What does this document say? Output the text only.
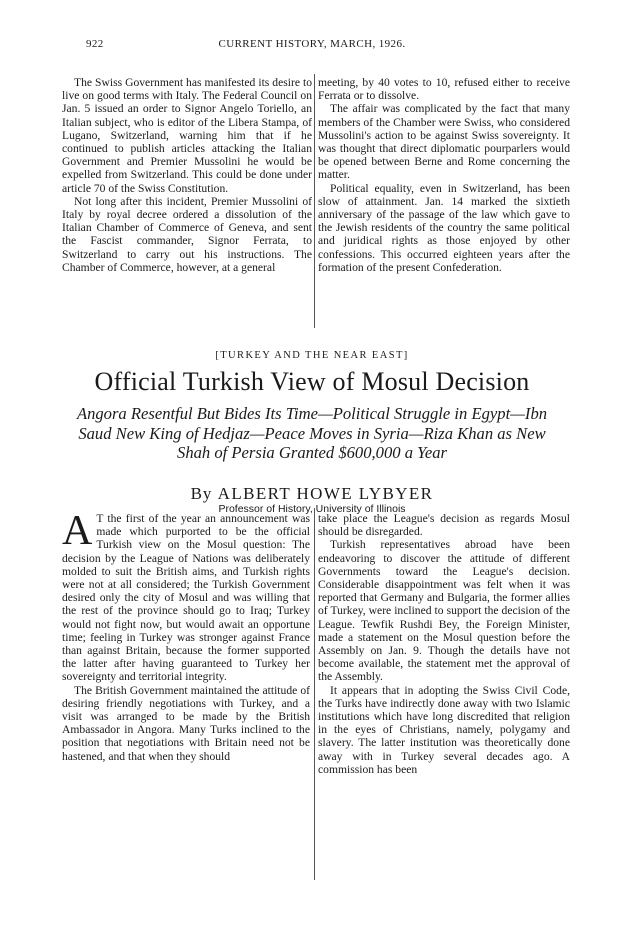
922	CURRENT HISTORY, MARCH, 1926.

The Swiss Government has manifested its desire to live on good terms with Italy. The Federal Council on Jan. 5 issued an order to Signor Angelo Toriello, an Italian subject, who is editor of the Libera Stampa, of Lugano, Switzerland, warning him that if he continued to publish articles attacking the Italian Government and Premier Mussolini he would be expelled from Switzerland. This could be done under article 70 of the Swiss Constitution.

Not long after this incident, Premier Mussolini of Italy by royal decree ordered a dissolution of the Italian Chamber of Commerce of Geneva, and sent the Fascist commander, Signor Ferrata, to Switzerland to carry out his instructions. The Chamber of Commerce, however, at a general

meeting, by 40 votes to 10, refused either to receive Ferrata or to dissolve.

The affair was complicated by the fact that many members of the Chamber were Swiss, who considered Mussolini's action to be against Swiss sovereignty. It was thought that direct diplomatic pourparlers would be opened between Berne and Rome concerning the matter.

Political equality, even in Switzerland, has been slow of attainment. Jan. 14 marked the sixtieth anniversary of the passage of the law which gave to the Jewish residents of the country the same political and juridical rights as those enjoyed by other confessions. This occurred eighteen years after the formation of the present Confederation.

[TURKEY AND THE NEAR EAST]
Official Turkish View of Mosul Decision
Angora Resentful But Bides Its Time—Political Struggle in Egypt—Ibn Saud New King of Hedjaz—Peace Moves in Syria—Riza Khan as New Shah of Persia Granted $600,000 a Year
By ALBERT HOWE LYBYER
Professor of History, University of Illinois

A T the first of the year an announcement was made which purported to be the official Turkish view on the Mosul question: The decision by the League of Nations was deliberately molded to suit the British aims, and Turkish rights were not at all considered; the Turkish Government desired only the city of Mosul and was willing that the rest of the province should go to Iraq; Turkey would not fight now, but would await an opportune time; feeling in Turkey was stronger against France than against Britain, because the former supported the latter after having guaranteed to Turkey her sovereignty and territorial integrity.

The British Government maintained the attitude of desiring friendly negotiations with Turkey, and a visit was arranged to be made by the British Ambassador in Angora. Many Turks inclined to the position that negotiations with Britain need not be hastened, and that when they should

take place the League's decision as regards Mosul should be disregarded.

Turkish representatives abroad have been endeavoring to discover the attitude of different Governments toward the League's decision. Considerable disappointment was felt when it was reported that Germany and Bulgaria, the former allies of Turkey, were inclined to support the decision of the League. Tewfik Rushdi Bey, the Foreign Minister, made a statement on the Mosul question before the Assembly on Jan. 9. Though the details have not become available, the statement met the approval of the Assembly.

It appears that in adopting the Swiss Civil Code, the Turks have indirectly done away with two Islamic institutions which have long discredited that religion in the eyes of Christians, namely, polygamy and slavery. The latter institution was theoretically done away with in Turkey several decades ago. A commission has been
